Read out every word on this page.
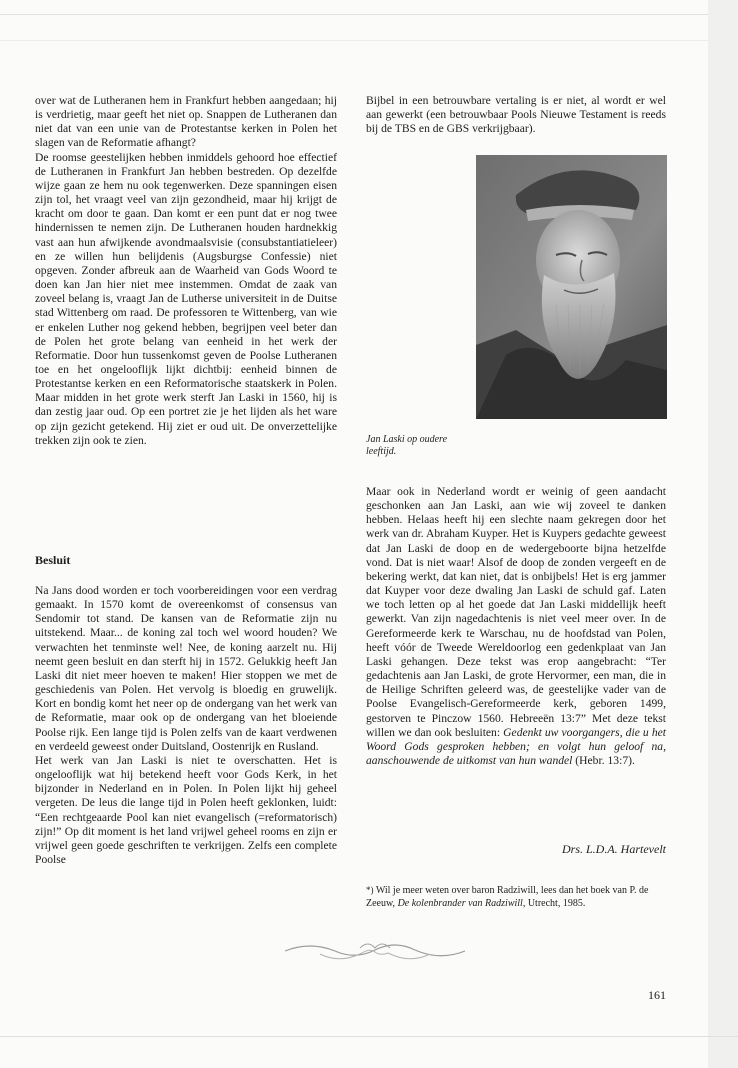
over wat de Lutheranen hem in Frankfurt hebben aangedaan; hij is verdrietig, maar geeft het niet op. Snappen de Lutheranen dan niet dat van een unie van de Protestantse kerken in Polen het slagen van de Reformatie afhangt?

De roomse geestelijken hebben inmiddels gehoord hoe effectief de Lutheranen in Frankfurt Jan hebben bestreden. Op dezelfde wijze gaan ze hem nu ook tegenwerken. Deze spanningen eisen zijn tol, het vraagt veel van zijn gezondheid, maar hij krijgt de kracht om door te gaan. Dan komt er een punt dat er nog twee hindernissen te nemen zijn. De Lutheranen houden hardnekkig vast aan hun afwijkende avondmaalsvisie (consubstantiatieleer) en ze willen hun belijdenis (Augsburgse Confessie) niet opgeven. Zonder afbreuk aan de Waarheid van Gods Woord te doen kan Jan hier niet mee instemmen. Omdat de zaak van zoveel belang is, vraagt Jan de Lutherse universiteit in de Duitse stad Wittenberg om raad. De professoren te Wittenberg, van wie er enkelen Luther nog gekend hebben, begrijpen veel beter dan de Polen het grote belang van eenheid in het werk der Reformatie. Door hun tussenkomst geven de Poolse Lutheranen toe en het ongelooflijk lijkt dichtbij: eenheid binnen de Protestantse kerken en een Reformatorische staatskerk in Polen. Maar midden in het grote werk sterft Jan Laski in 1560, hij is dan zestig jaar oud. Op een portret zie je het lijden als het ware op zijn gezicht getekend. Hij ziet er oud uit. De onverzettelijke trekken zijn ook te zien.

Besluit

Na Jans dood worden er toch voorbereidingen voor een verdrag gemaakt. In 1570 komt de overeenkomst of consensus van Sendomir tot stand. De kansen van de Reformatie zijn nu uitstekend. Maar... de koning zal toch wel woord houden? We verwachten het tenminste wel! Nee, de koning aarzelt nu. Hij neemt geen besluit en dan sterft hij in 1572. Gelukkig heeft Jan Laski dit niet meer hoeven te maken! Hier stoppen we met de geschiedenis van Polen. Het vervolg is bloedig en gruwelijk. Kort en bondig komt het neer op de ondergang van het werk van de Reformatie, maar ook op de ondergang van het bloeiende Poolse rijk. Een lange tijd is Polen zelfs van de kaart verdwenen en verdeeld geweest onder Duitsland, Oostenrijk en Rusland.

Het werk van Jan Laski is niet te overschatten. Het is ongelooflijk wat hij betekend heeft voor Gods Kerk, in het bijzonder in Nederland en in Polen. In Polen lijkt hij geheel vergeten. De leus die lange tijd in Polen heeft geklonken, luidt: “Een rechtgeaarde Pool kan niet evangelisch (=reformatorisch) zijn!” Op dit moment is het land vrijwel geheel rooms en zijn er vrijwel geen goede geschriften te verkrijgen. Zelfs een complete Poolse

Bijbel in een betrouwbare vertaling is er niet, al wordt er wel aan gewerkt (een betrouwbaar Pools Nieuwe Testament is reeds bij de TBS en de GBS verkrijgbaar).

Jan Laski op oudere leeftijd.

Maar ook in Nederland wordt er weinig of geen aandacht geschonken aan Jan Laski, aan wie wij zoveel te danken hebben. Helaas heeft hij een slechte naam gekregen door het werk van dr. Abraham Kuyper. Het is Kuypers gedachte geweest dat Jan Laski de doop en de wedergeboorte bijna hetzelfde vond. Dat is niet waar! Alsof de doop de zonden vergeeft en de bekering werkt, dat kan niet, dat is onbijbels! Het is erg jammer dat Kuyper voor deze dwaling Jan Laski de schuld gaf. Laten we toch letten op al het goede dat Jan Laski middellijk heeft gewerkt. Van zijn nagedachtenis is niet veel meer over. In de Gereformeerde kerk te Warschau, nu de hoofdstad van Polen, heeft vóór de Tweede Wereldoorlog een gedenkplaat van Jan Laski gehangen. Deze tekst was erop aangebracht: “Ter gedachtenis aan Jan Laski, de grote Hervormer, een man, die in de Heilige Schriften geleerd was, de geestelijke vader van de Poolse Evangelisch-Gereformeerde kerk, geboren 1499, gestorven te Pinczow 1560. Hebreeën 13:7” Met deze tekst willen we dan ook besluiten: Gedenkt uw voorgangers, die u het Woord Gods gesproken hebben; en volgt hun geloof na, aanschouwende de uitkomst van hun wandel (Hebr. 13:7).

Drs. L.D.A. Hartevelt
*) Wil je meer weten over baron Radziwill, lees dan het boek van P. de Zeeuw, De kolenbrander van Radziwill, Utrecht, 1985.
161
